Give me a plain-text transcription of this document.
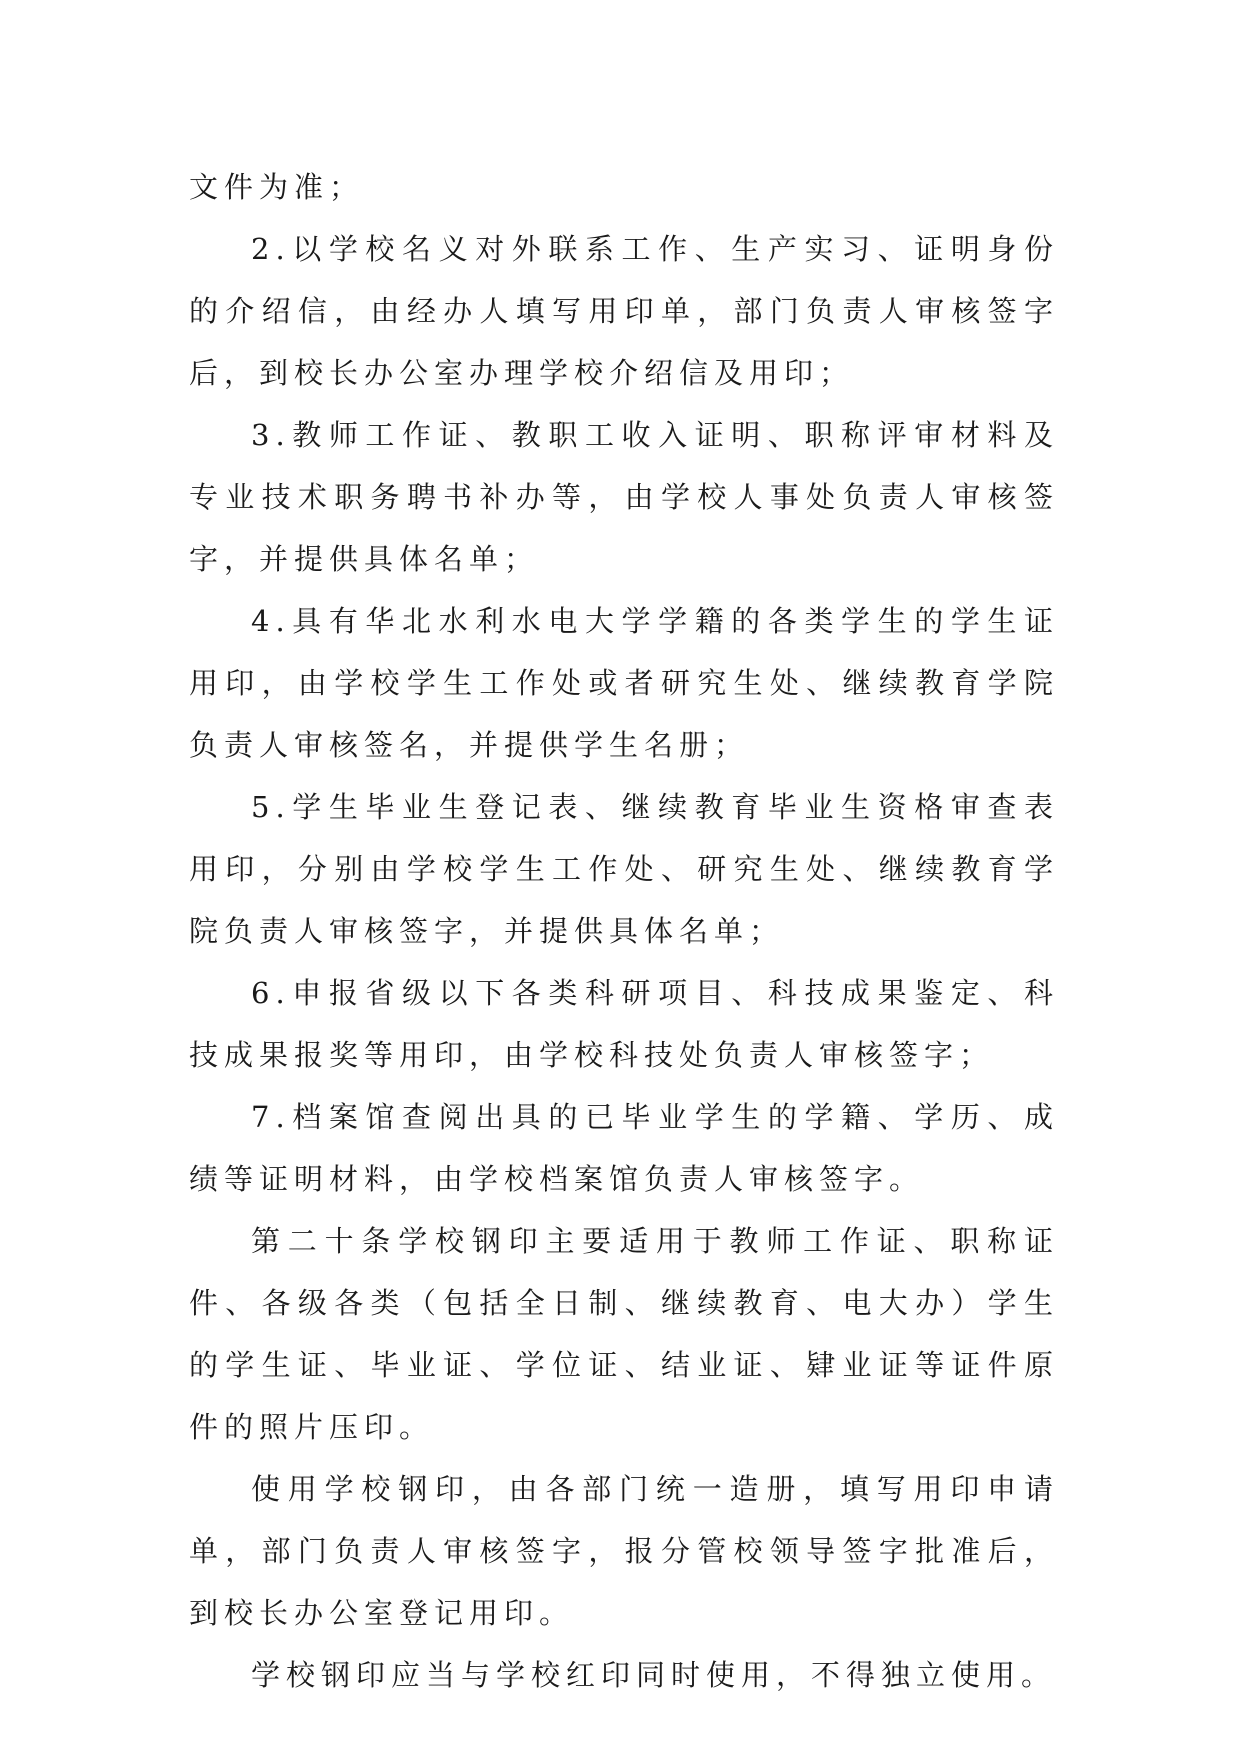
文件为准；

2.以学校名义对外联系工作、生产实习、证明身份的介绍信，由经办人填写用印单，部门负责人审核签字后，到校长办公室办理学校介绍信及用印；

3.教师工作证、教职工收入证明、职称评审材料及专业技术职务聘书补办等，由学校人事处负责人审核签字，并提供具体名单；

4.具有华北水利水电大学学籍的各类学生的学生证用印，由学校学生工作处或者研究生处、继续教育学院负责人审核签名，并提供学生名册；

5.学生毕业生登记表、继续教育毕业生资格审查表用印，分别由学校学生工作处、研究生处、继续教育学院负责人审核签字，并提供具体名单；

6.申报省级以下各类科研项目、科技成果鉴定、科技成果报奖等用印，由学校科技处负责人审核签字；

7.档案馆查阅出具的已毕业学生的学籍、学历、成绩等证明材料，由学校档案馆负责人审核签字。

第二十条学校钢印主要适用于教师工作证、职称证件、各级各类（包括全日制、继续教育、电大办）学生的学生证、毕业证、学位证、结业证、肄业证等证件原件的照片压印。

使用学校钢印，由各部门统一造册，填写用印申请单，部门负责人审核签字，报分管校领导签字批准后，到校长办公室登记用印。

学校钢印应当与学校红印同时使用，不得独立使用。
